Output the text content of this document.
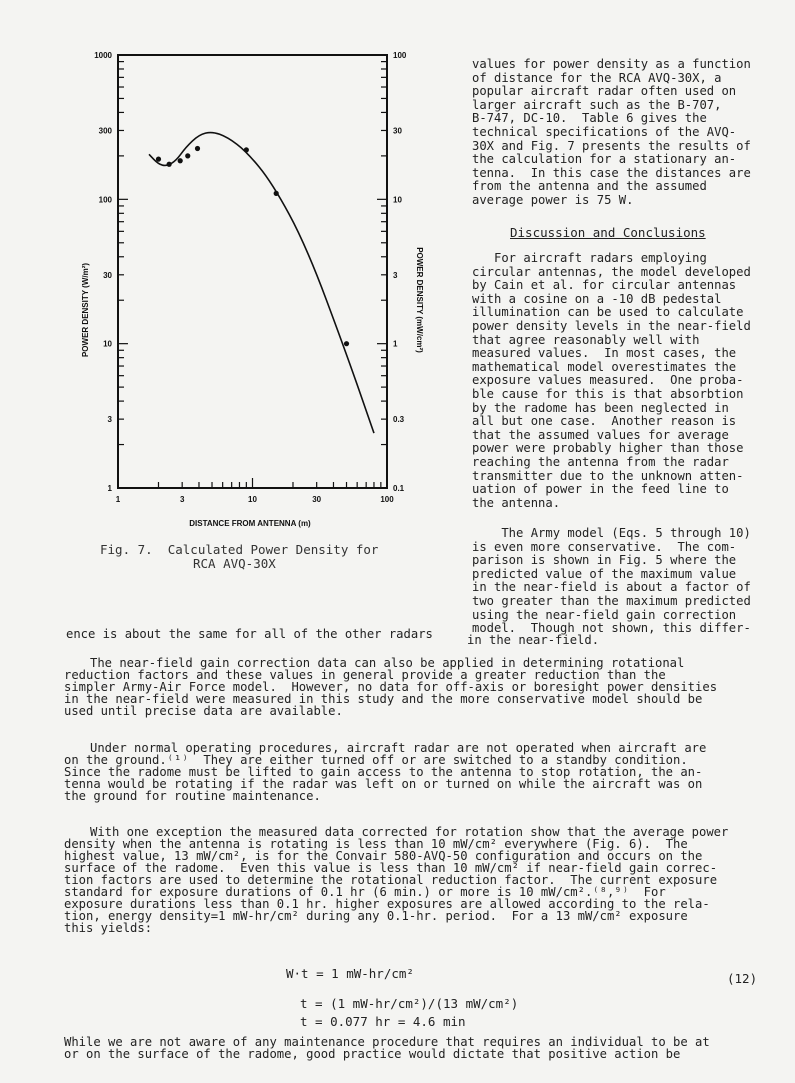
1
3
10
30
100
300
1000
0.1
0.3
1
3
10
30
100
1	3	10	30	100
DISTANCE FROM ANTENNA (m)
POWER DENSITY (W/m²)	POWER DENSITY (mW/cm²)
Fig. 7.  Calculated Power Density for
RCA AVQ-30X
values for power density as a function
of distance for the RCA AVQ-30X, a
popular aircraft radar often used on
larger aircraft such as the B-707,
B-747, DC-10.  Table 6 gives the
technical specifications of the AVQ-
30X and Fig. 7 presents the results of
the calculation for a stationary an-
tenna.  In this case the distances are
from the antenna and the assumed
average power is 75 W.
Discussion and Conclusions
For aircraft radars employing
circular antennas, the model developed
by Cain et al. for circular antennas
with a cosine on a -10 dB pedestal
illumination can be used to calculate
power density levels in the near-field
that agree reasonably well with
measured values.  In most cases, the
mathematical model overestimates the
exposure values measured.  One proba-
ble cause for this is that absorbtion
by the radome has been neglected in
all but one case.  Another reason is
that the assumed values for average
power were probably higher than those
reaching the antenna from the radar
transmitter due to the unknown atten-
uation of power in the feed line to
the antenna.
The Army model (Eqs. 5 through 10)
is even more conservative.  The com-
parison is shown in Fig. 5 where the
predicted value of the maximum value
in the near-field is about a factor of
two greater than the maximum predicted
using the near-field gain correction
model.  Though not shown, this differ-
ence is about the same for all of the other radars	in the near-field.
The near-field gain correction data can also be applied in determining rotational
reduction factors and these values in general provide a greater reduction than the
simpler Army-Air Force model.  However, no data for off-axis or boresight power densities
in the near-field were measured in this study and the more conservative model should be
used until precise data are available.
Under normal operating procedures, aircraft radar are not operated when aircraft are
on the ground.⁽¹⁾  They are either turned off or are switched to a standby condition.
Since the radome must be lifted to gain access to the antenna to stop rotation, the an-
tenna would be rotating if the radar was left on or turned on while the aircraft was on
the ground for routine maintenance.
With one exception the measured data corrected for rotation show that the average power
density when the antenna is rotating is less than 10 mW/cm² everywhere (Fig. 6).  The
highest value, 13 mW/cm², is for the Convair 580-AVQ-50 configuration and occurs on the
surface of the radome.  Even this value is less than 10 mW/cm² if near-field gain correc-
tion factors are used to determine the rotational reduction factor.  The current exposure
standard for exposure durations of 0.1 hr (6 min.) or more is 10 mW/cm².⁽⁸,⁹⁾  For
exposure durations less than 0.1 hr. higher exposures are allowed according to the rela-
tion, energy density=1 mW-hr/cm² during any 0.1-hr. period.  For a 13 mW/cm² exposure
this yields:
W·t = 1 mW-hr/cm²	(12)
t = (1 mW-hr/cm²)/(13 mW/cm²)
t = 0.077 hr = 4.6 min
While we are not aware of any maintenance procedure that requires an individual to be at
or on the surface of the radome, good practice would dictate that positive action be
